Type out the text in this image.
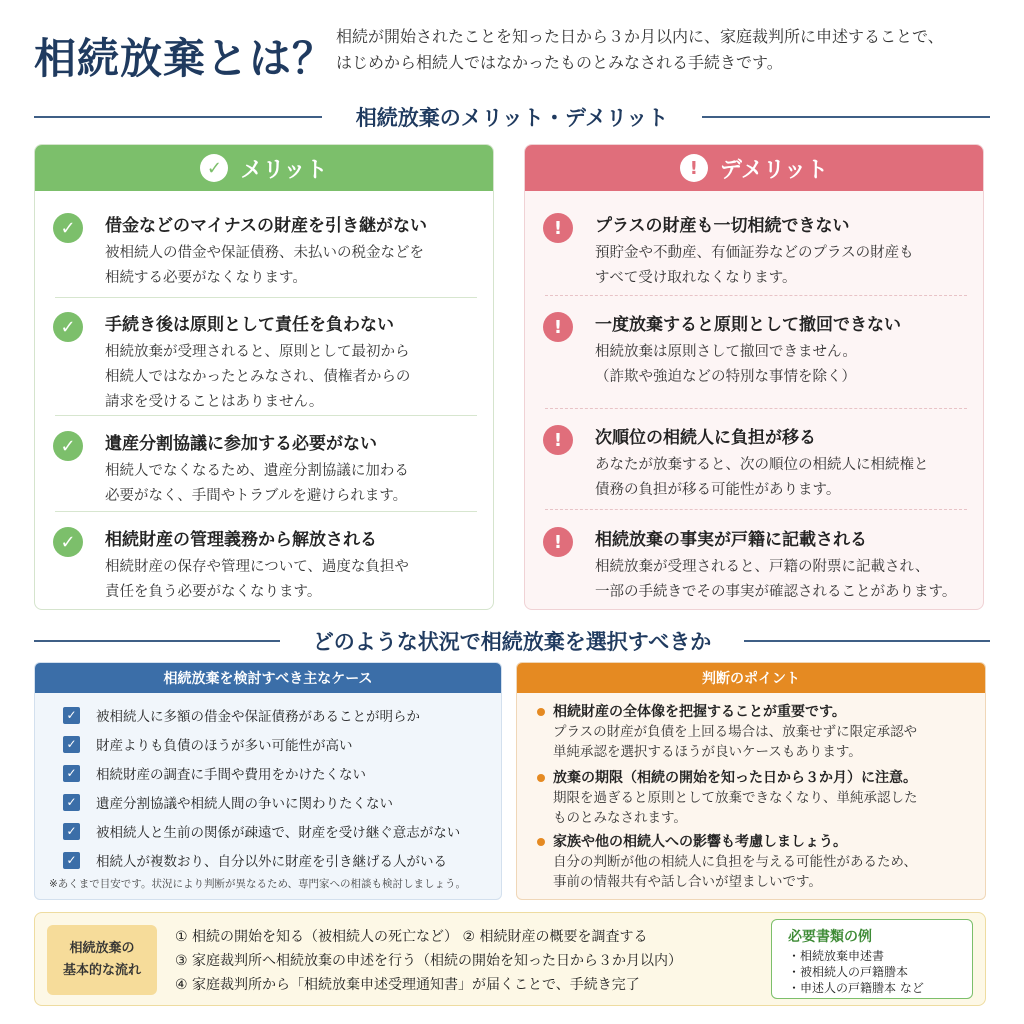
相続放棄とは？ 相続が開始されたことを知った日から３か月以内に、家庭裁判所に申述することで、
はじめから相続人ではなかったものとみなされる手続きです。
相続放棄のメリット・デメリット
✓ メリット
✓	借金などのマイナスの財産を引き継がない
被相続人の借金や保証債務、未払いの税金などを
相続する必要がなくなります。
✓	手続き後は原則として責任を負わない
相続放棄が受理されると、原則として最初から
相続人ではなかったとみなされ、債権者からの
請求を受けることはありません。
✓	遺産分割協議に参加する必要がない
相続人でなくなるため、遺産分割協議に加わる
必要がなく、手間やトラブルを避けられます。
✓	相続財産の管理義務から解放される
相続財産の保存や管理について、過度な負担や
責任を負う必要がなくなります。
! デメリット
!	プラスの財産も一切相続できない
預貯金や不動産、有価証券などのプラスの財産も
すべて受け取れなくなります。
!	一度放棄すると原則として撤回できない
相続放棄は原則さして撤回できません。
（詐欺や強迫などの特別な事情を除く）
!	次順位の相続人に負担が移る
あなたが放棄すると、次の順位の相続人に相続権と
債務の負担が移る可能性があります。
!	相続放棄の事実が戸籍に記載される
相続放棄が受理されると、戸籍の附票に記載され、
一部の手続きでその事実が確認されることがあります。
どのような状況で相続放棄を選択すべきか
相続放棄を検討すべき主なケース
✓ 被相続人に多額の借金や保証債務があることが明らか
✓ 財産よりも負債のほうが多い可能性が高い
✓ 相続財産の調査に手間や費用をかけたくない
✓ 遺産分割協議や相続人間の争いに関わりたくない
✓ 被相続人と生前の関係が疎遠で、財産を受け継ぐ意志がない
✓ 相続人が複数おり、自分以外に財産を引き継げる人がいる
※あくまで目安です。状況により判断が異なるため、専門家への相談も検討しましょう。
判断のポイント
相続財産の全体像を把握することが重要です。
プラスの財産が負債を上回る場合は、放棄せずに限定承認や
単純承認を選択するほうが良いケースもあります。
放棄の期限（相続の開始を知った日から３か月）に注意。
期限を過ぎると原則として放棄できなくなり、単純承認した
ものとみなされます。
家族や他の相続人への影響も考慮しましょう。
自分の判断が他の相続人に負担を与える可能性があるため、
事前の情報共有や話し合いが望ましいです。
相続放棄の
基本的な流れ
① 相続の開始を知る（被相続人の死亡など） ② 相続財産の概要を調査する
③ 家庭裁判所へ相続放棄の申述を行う（相続の開始を知った日から３か月以内）
④ 家庭裁判所から「相続放棄申述受理通知書」が届くことで、手続き完了
必要書類の例
・相続放棄申述書
・被相続人の戸籍謄本
・申述人の戸籍謄本 など
